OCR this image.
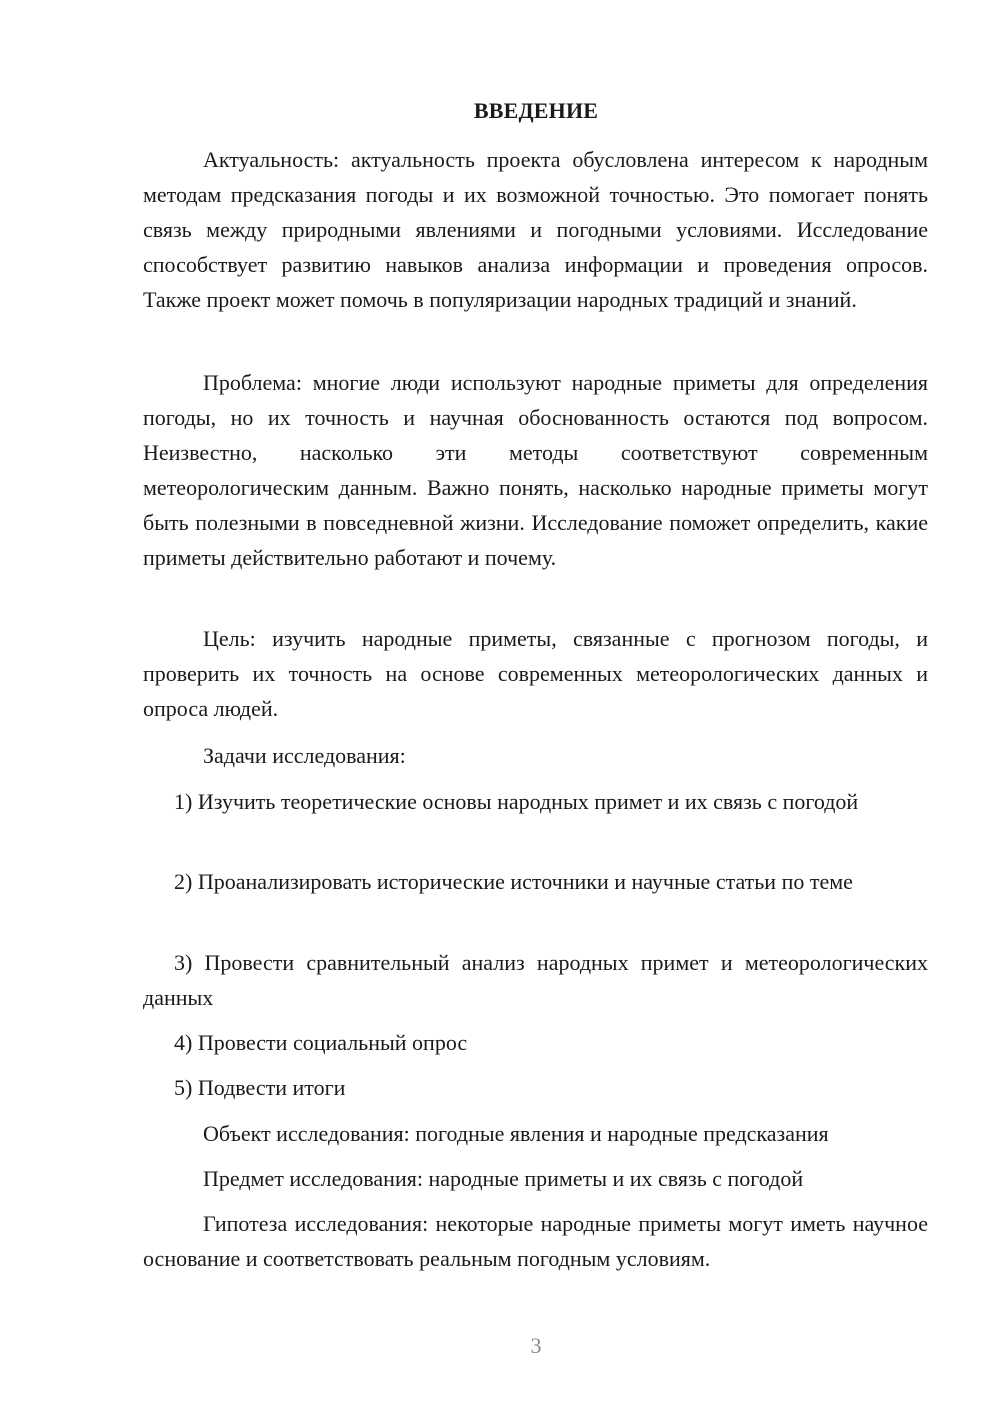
ВВЕДЕНИЕ

Актуальность: актуальность проекта обусловлена интересом к народным методам предсказания погоды и их возможной точностью. Это помогает понять связь между природными явлениями и погодными условиями. Исследование способствует развитию навыков анализа информации и проведения опросов. Также проект может помочь в популяризации народных традиций и знаний.

Проблема: многие люди используют народные приметы для определения погоды, но их точность и научная обоснованность остаются под вопросом. Неизвестно, насколько эти методы соответствуют современным метеорологическим данным. Важно понять, насколько народные приметы могут быть полезными в повседневной жизни. Исследование поможет определить, какие приметы действительно работают и почему.

Цель: изучить народные приметы, связанные с прогнозом погоды, и проверить их точность на основе современных метеорологических данных и опроса людей.

Задачи исследования:

1) Изучить теоретические основы народных примет и их связь с погодой

2) Проанализировать исторические источники и научные статьи по теме

3) Провести сравнительный анализ народных примет и метеорологических данных

4) Провести социальный опрос

5) Подвести итоги

Объект исследования: погодные явления и народные предсказания

Предмет исследования: народные приметы и их связь с погодой

Гипотеза исследования: некоторые народные приметы могут иметь научное основание и соответствовать реальным погодным условиям.

3
